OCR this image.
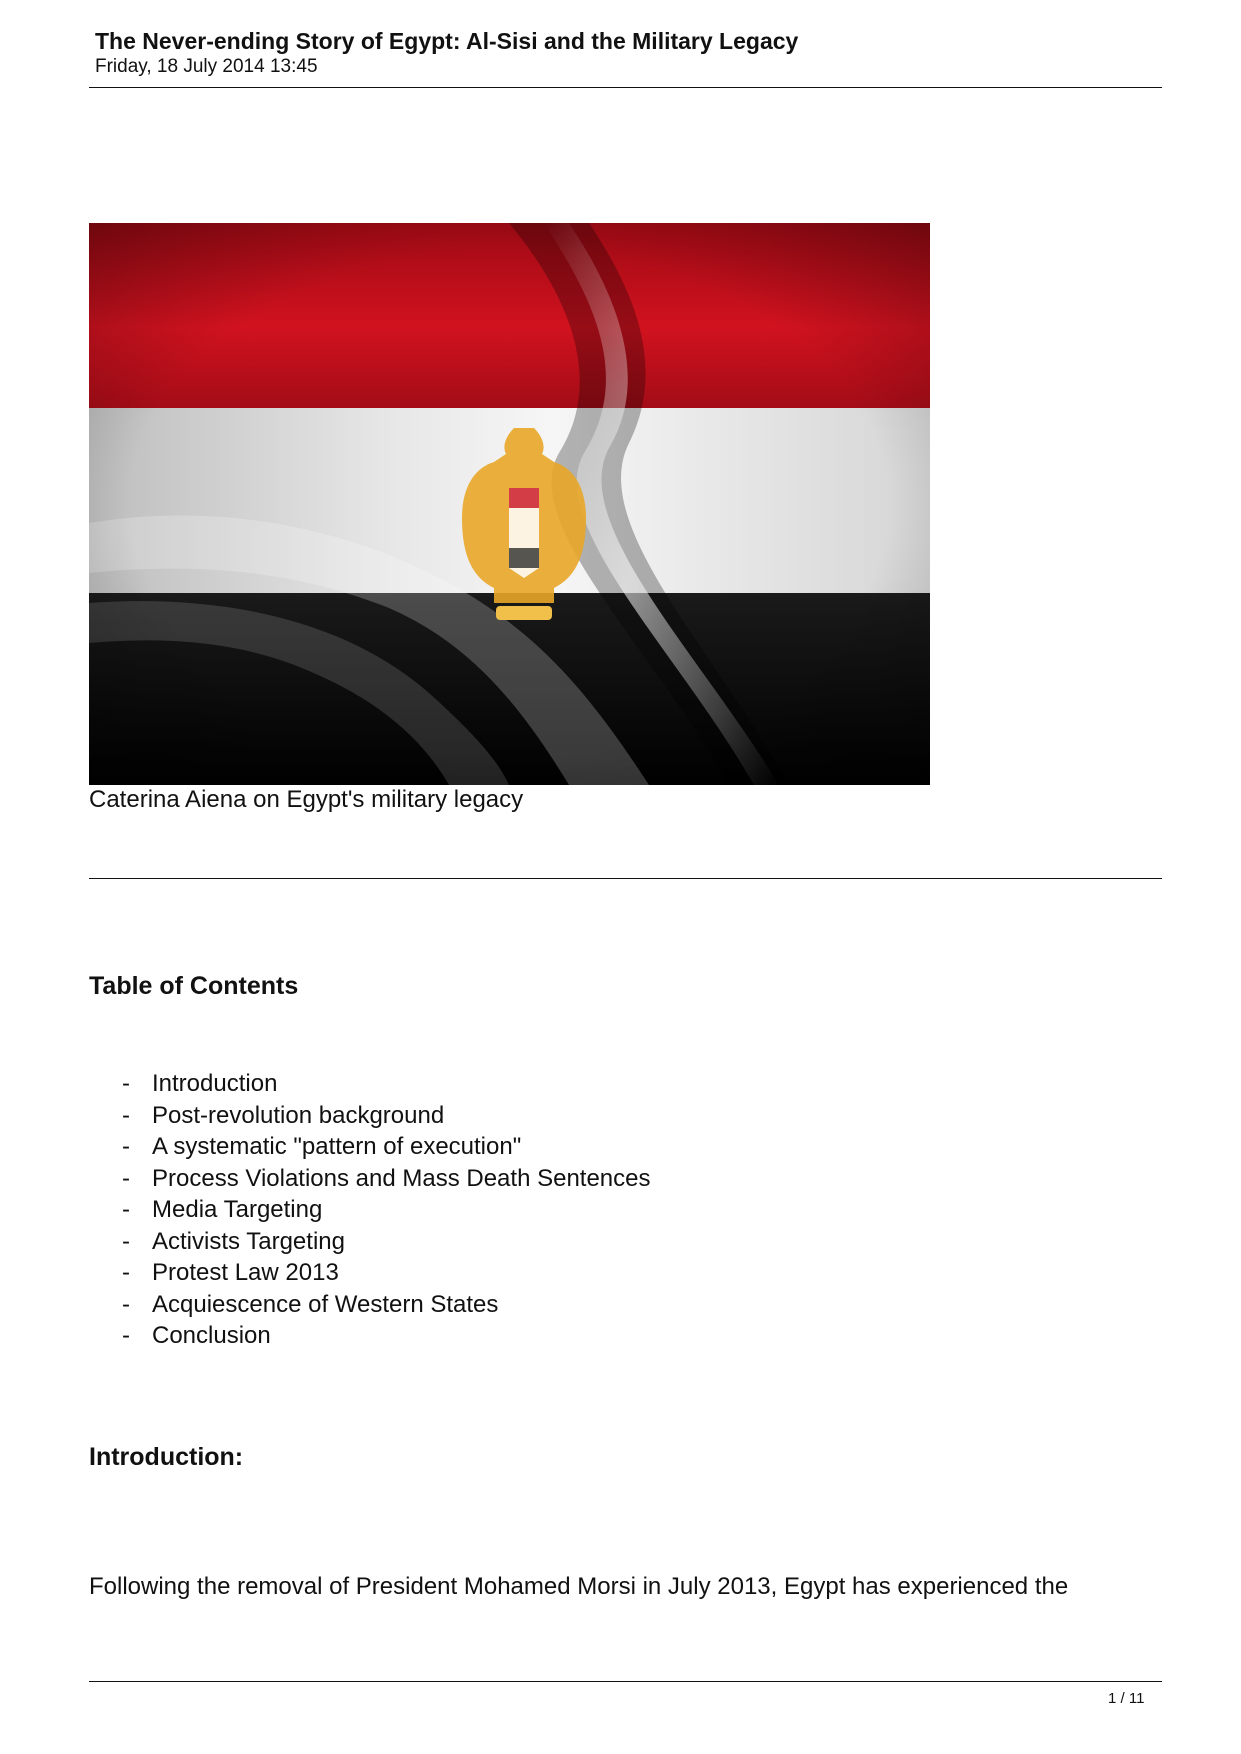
The Never-ending Story of Egypt: Al-Sisi and the Military Legacy
Friday, 18 July 2014 13:45
Caterina Aiena on Egypt's military legacy
Table of Contents
- Introduction
- Post-revolution background
- A systematic "pattern of execution"
- Process Violations and Mass Death Sentences
- Media Targeting
- Activists Targeting
- Protest Law 2013
- Acquiescence of Western States
- Conclusion
Introduction:
Following the removal of President Mohamed Morsi in July 2013, Egypt has experienced the
1 / 11
